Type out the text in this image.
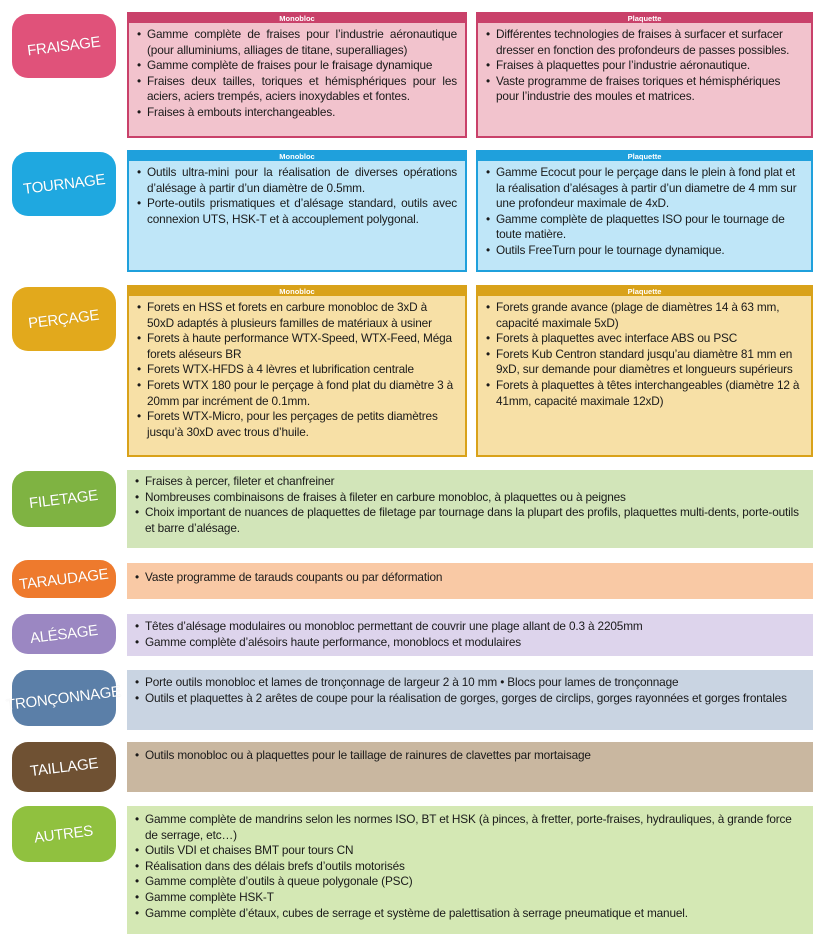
FRAISAGE
Monobloc
• Gamme complète de fraises pour l’industrie aéronautique (pour alluminiums, alliages de titane, superalliages)
• Gamme complète de fraises pour le fraisage dynamique
• Fraises deux tailles, toriques et hémisphériques pour les aciers, aciers trempés, aciers inoxydables et fontes.
• Fraises à embouts interchangeables.
Plaquette
• Différentes technologies de fraises à surfacer et surfacer dresser en fonction des profondeurs de passes possibles.
• Fraises à plaquettes pour l’industrie aéronautique.
• Vaste programme de fraises toriques et hémisphériques pour l’industrie des moules et matrices.
TOURNAGE
Monobloc
• Outils ultra-mini pour la réalisation de diverses opérations d’alésage à partir d’un diamètre de 0.5mm.
• Porte-outils prismatiques et d’alésage standard, outils avec connexion UTS, HSK-T et à accouplement polygonal.
Plaquette
• Gamme Ecocut pour le perçage dans le plein à fond plat et la réalisation d’alésages à partir d’un diametre de 4 mm sur une profondeur maximale de 4xD.
• Gamme complète de plaquettes ISO pour le tournage de toute matière.
• Outils FreeTurn pour le tournage dynamique.
PERÇAGE
Monobloc
• Forets en HSS et forets en carbure monobloc de 3xD à 50xD adaptés à plusieurs familles de matériaux à usiner
• Forets à haute performance WTX-Speed, WTX-Feed, Méga forets aléseurs BR
• Forets WTX-HFDS à 4 lèvres et lubrification centrale
• Forets WTX 180 pour le perçage à fond plat du diamètre 3 à 20mm par incrément de 0.1mm.
• Forets WTX-Micro, pour les perçages de petits diamètres jusqu’à 30xD avec trous d’huile.
Plaquette
• Forets grande avance (plage de diamètres 14 à 63 mm, capacité maximale 5xD)
• Forets à plaquettes avec interface ABS ou PSC
• Forets Kub Centron standard jusqu’au diamètre 81 mm en 9xD, sur demande pour diamètres et longueurs supérieurs
• Forets à plaquettes à têtes interchangeables (diamètre 12 à 41mm, capacité maximale 12xD)
FILETAGE
• Fraises à percer, fileter et chanfreiner
• Nombreuses combinaisons de fraises à fileter en carbure monobloc, à plaquettes ou à peignes
• Choix important de nuances de plaquettes de filetage par tournage dans la plupart des profils, plaquettes multi-dents, porte-outils et barre d’alésage.
TARAUDAGE	• Vaste programme de tarauds coupants ou par déformation
ALÉSAGE	• Têtes d’alésage modulaires ou monobloc permettant de couvrir une plage allant de 0.3 à 2205mm
• Gamme complète d’alésoirs haute performance, monoblocs et modulaires
TRONÇONNAGE
• Porte outils monobloc et lames de tronçonnage de largeur 2 à 10 mm • Blocs pour lames de tronçonnage
• Outils et plaquettes à 2 arêtes de coupe pour la réalisation de gorges, gorges de circlips, gorges rayonnées et gorges frontales
TAILLAGE	• Outils monobloc ou à plaquettes pour le taillage de rainures de clavettes par mortaisage
AUTRES
• Gamme complète de mandrins selon les normes ISO, BT et HSK (à pinces, à fretter, porte-fraises, hydrauliques, à grande force de serrage, etc…)
• Outils VDI et chaises BMT pour tours CN
• Réalisation dans des délais brefs d’outils motorisés
• Gamme complète d’outils à queue polygonale (PSC)
• Gamme complète HSK-T
• Gamme complète d’étaux, cubes de serrage et système de palettisation à serrage pneumatique et manuel.
